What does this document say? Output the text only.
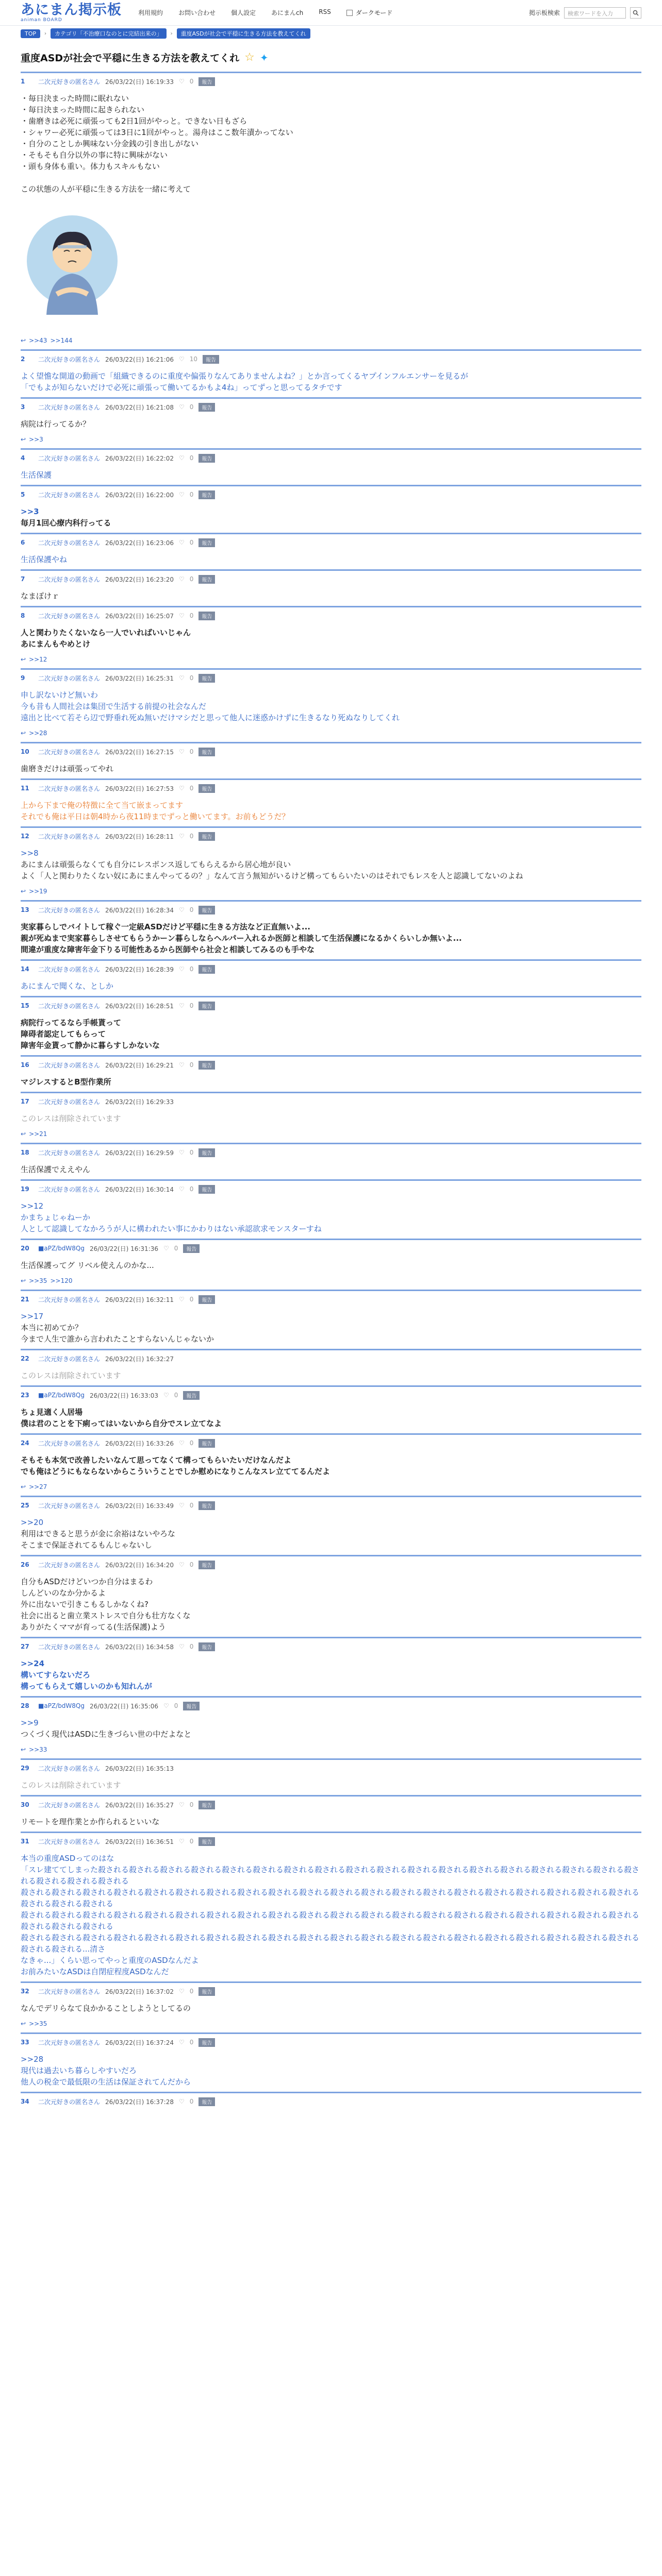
あにまん掲示板
animan BOARD
利用規約	お問い合わせ	個人設定	あにまんch	RSS	ダークモード	掲示板検索	検索ワードを入力
TOP	›	カテゴリ「不治療口なのとに完結出来の」	›	重度ASDが社会で平穏に生きる方法を教えてくれ
重度ASDが社会で平穏に生きる方法を教えてくれ ☆ ✦
1	二次元好きの匿名さん 26/03/22(日) 16:19:33 ♡ 0	報告

・毎日決まった時間に眠れない

・毎日決まった時間に起きられない

・歯磨きは必死に頑張っても2日1回がやっと。できない日もざら

・シャワー必死に頑張っては3日に1回がやっと。湯舟はここ数年漬かってない

・自分のことしか興味ない分金銭の引き出しがない

・そもそも自分以外の事に特に興味がない

・頭も身体も重い。体力もスキルもない

この状態の人が平穏に生きる方法を一緒に考えて

↩ >>43 >>144
2	二次元好きの匿名さん 26/03/22(日) 16:21:06 ♡ 10	報告

よく望憺な開道の動画で「組織できるのに重度や偏張りなんてありませんよね？」とか言ってくるヤプインフルエンサーを見るが

「でもよが知らないだけで必死に頑張って働いてるかもよ4ね」ってずっと思ってるタチです

3	二次元好きの匿名さん 26/03/22(日) 16:21:08 ♡ 0	報告

病院は行ってるか？

↩ >>3
4	二次元好きの匿名さん 26/03/22(日) 16:22:02 ♡ 0	報告

生活保護

5	二次元好きの匿名さん 26/03/22(日) 16:22:00 ♡ 0	報告

>>3

毎月1回心療内科行ってる

6	二次元好きの匿名さん 26/03/22(日) 16:23:06 ♡ 0	報告

生活保護やね

7	二次元好きの匿名さん 26/03/22(日) 16:23:20 ♡ 0	報告

なまぽけｒ

8	二次元好きの匿名さん 26/03/22(日) 16:25:07 ♡ 0	報告

人と関わりたくないなら一人でいればいいじゃん

あにまんもやめとけ

↩ >>12
9	二次元好きの匿名さん 26/03/22(日) 16:25:31 ♡ 0	報告

申し訳ないけど無いわ

今も昔も人間社会は集団で生活する前提の社会なんだ

遠出と比べて若そら辺で野垂れ死ぬ無いだけマシだと思って他人に迷惑かけずに生きるなり死ぬなりしてくれ

↩ >>28
10	二次元好きの匿名さん 26/03/22(日) 16:27:15 ♡ 0	報告

歯磨きだけは頑張ってやれ

11	二次元好きの匿名さん 26/03/22(日) 16:27:53 ♡ 0	報告

上から下まで俺の特徴に全て当て嵌まってます

それでも俺は平日は朝4時から夜11時までずっと働いてます。お前もどうだ？

12	二次元好きの匿名さん 26/03/22(日) 16:28:11 ♡ 0	報告

>>8

あにまんは頑張らなくても自分にレスポンス返してもらえるから居心地が良い

よく「人と関わりたくない奴にあにまんやってるの？」なんて言う無知がいるけど構ってもらいたいのはそれでもレスを人と認識してないのよね

↩ >>19
13	二次元好きの匿名さん 26/03/22(日) 16:28:34 ♡ 0	報告

実家暮らしでバイトして稼ぐ一定級ASDだけど平穏に生きる方法など正直無いよ...

親が死ぬまで実家暮らしさせてもらうかーン暮らしならヘルパー入れるか医師と相談して生活保護になるかくらいしか無いよ...

間違が重度な障害年金下りる可能性あるから医師やら社会と相談してみるのも手やな

14	二次元好きの匿名さん 26/03/22(日) 16:28:39 ♡ 0	報告

あにまんで聞くな、としか

15	二次元好きの匿名さん 26/03/22(日) 16:28:51 ♡ 0	報告

病院行ってるなら手帳貰って

障碍者認定してもらって

障害年金貰って静かに暮らすしかないな

16	二次元好きの匿名さん 26/03/22(日) 16:29:21 ♡ 0	報告

マジレスするとB型作業所

17	二次元好きの匿名さん 26/03/22(日) 16:29:33

このレスは削除されています

↩ >>21
18	二次元好きの匿名さん 26/03/22(日) 16:29:59 ♡ 0	報告

生活保護でええやん

19	二次元好きの匿名さん 26/03/22(日) 16:30:14 ♡ 0	報告

>>12

かまちょじゃねーか

人として認識してなかろうが人に構われたい事にかわりはない承認欲求モンスターすね

20	■aPZ/bdW8Qg 26/03/22(日) 16:31:36 ♡ 0	報告

生活保護ってグ リベル使えんのかな...

↩ >>35 >>120
21	二次元好きの匿名さん 26/03/22(日) 16:32:11 ♡ 0	報告

>>17

本当に初めてか？

今まで人生で誰から言われたことすらないんじゃないか

22	二次元好きの匿名さん 26/03/22(日) 16:32:27

このレスは削除されています

23	■aPZ/bdW8Qg 26/03/22(日) 16:33:03 ♡ 0	報告

ちょ見適く人居場

僕は君のことを下痢ってはいないから自分でスレ立てなよ

24	二次元好きの匿名さん 26/03/22(日) 16:33:26 ♡ 0	報告

そもそも本気で改善したいなんて思ってなくて構ってもらいたいだけなんだよ

でも俺はどうにもならないからこういうことでしか慰めになりこんなスレ立ててるんだよ

↩ >>27
25	二次元好きの匿名さん 26/03/22(日) 16:33:49 ♡ 0	報告

>>20

利用はできると思うが金に余裕はないやろな

そこまで保証されてるもんじゃないし

26	二次元好きの匿名さん 26/03/22(日) 16:34:20 ♡ 0	報告

自分もASDだけどいつか自分はまるわ

しんどいのなか分かるよ

外に出ないで引きこもるしかなくね?

社会に出ると歯立業ストレスで自分も壮方なくな

ありがたくママが育ってる(生活保護)よう

27	二次元好きの匿名さん 26/03/22(日) 16:34:58 ♡ 0	報告

>>24

構いてすらないだろ

構ってもらえて嬉しいのかも知れんが

28	■aPZ/bdW8Qg 26/03/22(日) 16:35:06 ♡ 0	報告

>>9

つくづく現代はASDに生きづらい世の中だよなと

↩ >>33
29	二次元好きの匿名さん 26/03/22(日) 16:35:13

このレスは削除されています

30	二次元好きの匿名さん 26/03/22(日) 16:35:27 ♡ 0	報告

リモートを理作業とか作られるといいな

31	二次元好きの匿名さん 26/03/22(日) 16:36:51 ♡ 0	報告

本当の重度ASDってのはな

「スレ建ててしまった殺される殺される殺される殺される殺される殺される殺される殺される殺される殺される殺される殺される殺される殺される殺される殺される殺される殺される殺される殺される殺される

殺される殺される殺される殺される殺される殺される殺される殺される殺される殺される殺される殺される殺される殺される殺される殺される殺される殺される殺される殺される殺される殺される殺される

殺される殺される殺される殺される殺される殺される殺される殺される殺される殺される殺される殺される殺される殺される殺される殺される殺される殺される殺される殺される殺される殺される殺される

殺される殺される殺される殺される殺される殺される殺される殺される殺される殺される殺される殺される殺される殺される殺される殺される殺される殺される殺される殺される殺される殺される...清さ

なきゃ...」くらい思ってやっと重度のASDなんだよ

お前みたいなASDは自閉症程度ASDなんだ

32	二次元好きの匿名さん 26/03/22(日) 16:37:02 ♡ 0	報告

なんでデリらなて良かかることしようとしてるの

↩ >>35
33	二次元好きの匿名さん 26/03/22(日) 16:37:24 ♡ 0	報告

>>28

現代は過去いち暮らしやすいだろ

他人の税金で最低限の生活は保証されてんだから

34	二次元好きの匿名さん 26/03/22(日) 16:37:28 ♡ 0	報告
